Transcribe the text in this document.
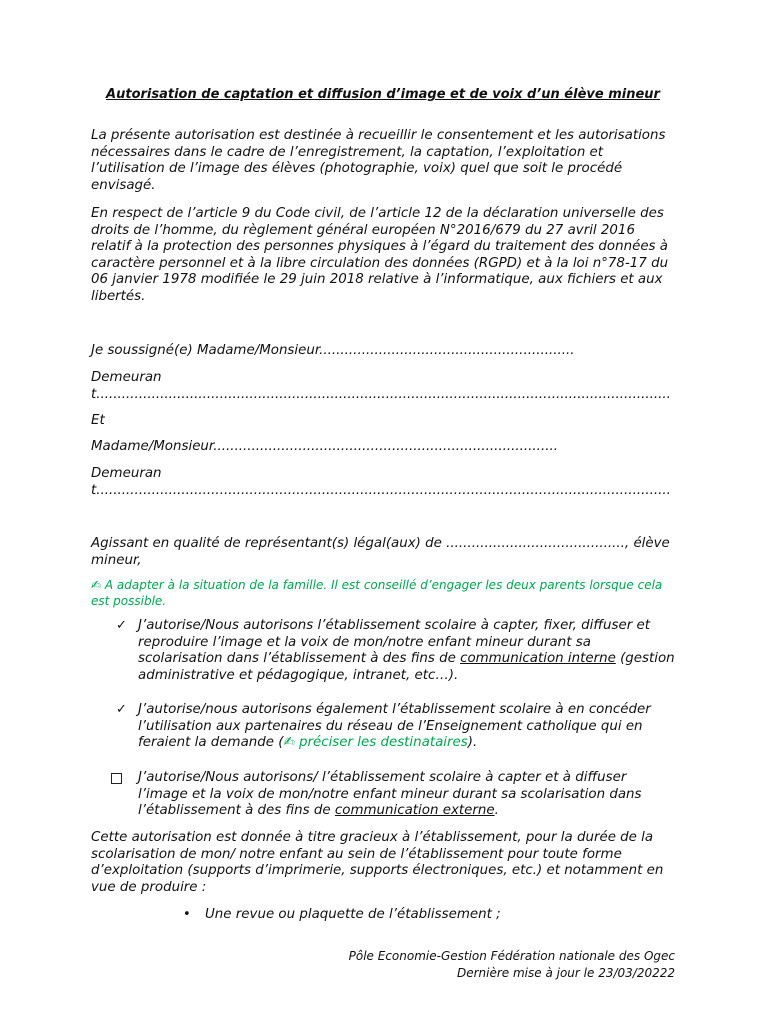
Autorisation de captation et diffusion d’image et de voix d’un élève mineur
La présente autorisation est destinée à recueillir le consentement et les autorisations nécessaires dans le cadre de l’enregistrement, la captation, l’exploitation et l’utilisation de l’image des élèves (photographie, voix) quel que soit le procédé envisagé.
En respect de l’article 9 du Code civil, de l’article 12 de la déclaration universelle des droits de l’homme, du règlement général européen N°2016/679 du 27 avril 2016 relatif à la protection des personnes physiques à l’égard du traitement des données à caractère personnel et à la libre circulation des données (RGPD) et à la loi n°78-17 du 06 janvier 1978 modifiée le 29 juin 2018 relative à l’informatique, aux fichiers et aux libertés.
Je soussigné(e) Madame/Monsieur............................................................
Demeurant.......................................................................................................................................
Et
Madame/Monsieur.................................................................................
Demeurant.......................................................................................................................................
Agissant en qualité de représentant(s) légal(aux) de .........................................., élève mineur,
✍ A adapter à la situation de la famille. Il est conseillé d’engager les deux parents lorsque cela est possible.
✓ J’autorise/Nous autorisons l’établissement scolaire à capter, fixer, diffuser et reproduire l’image et la voix de mon/notre enfant mineur durant sa scolarisation dans l’établissement à des fins de communication interne (gestion administrative et pédagogique, intranet, etc…).
✓ J’autorise/nous autorisons également l’établissement scolaire à en concéder l’utilisation aux partenaires du réseau de l’Enseignement catholique qui en feraient la demande (✍ préciser les destinataires).
J’autorise/Nous autorisons/ l’établissement scolaire à capter et à diffuser l’image et la voix de mon/notre enfant mineur durant sa scolarisation dans l’établissement à des fins de communication externe.
Cette autorisation est donnée à titre gracieux à l’établissement, pour la durée de la scolarisation de mon/ notre enfant au sein de l’établissement pour toute forme d’exploitation (supports d’imprimerie, supports électroniques, etc.) et notamment en vue de produire :
• Une revue ou plaquette de l’établissement ;
Pôle Economie-Gestion Fédération nationale des Ogec
Dernière mise à jour le 23/03/20222
